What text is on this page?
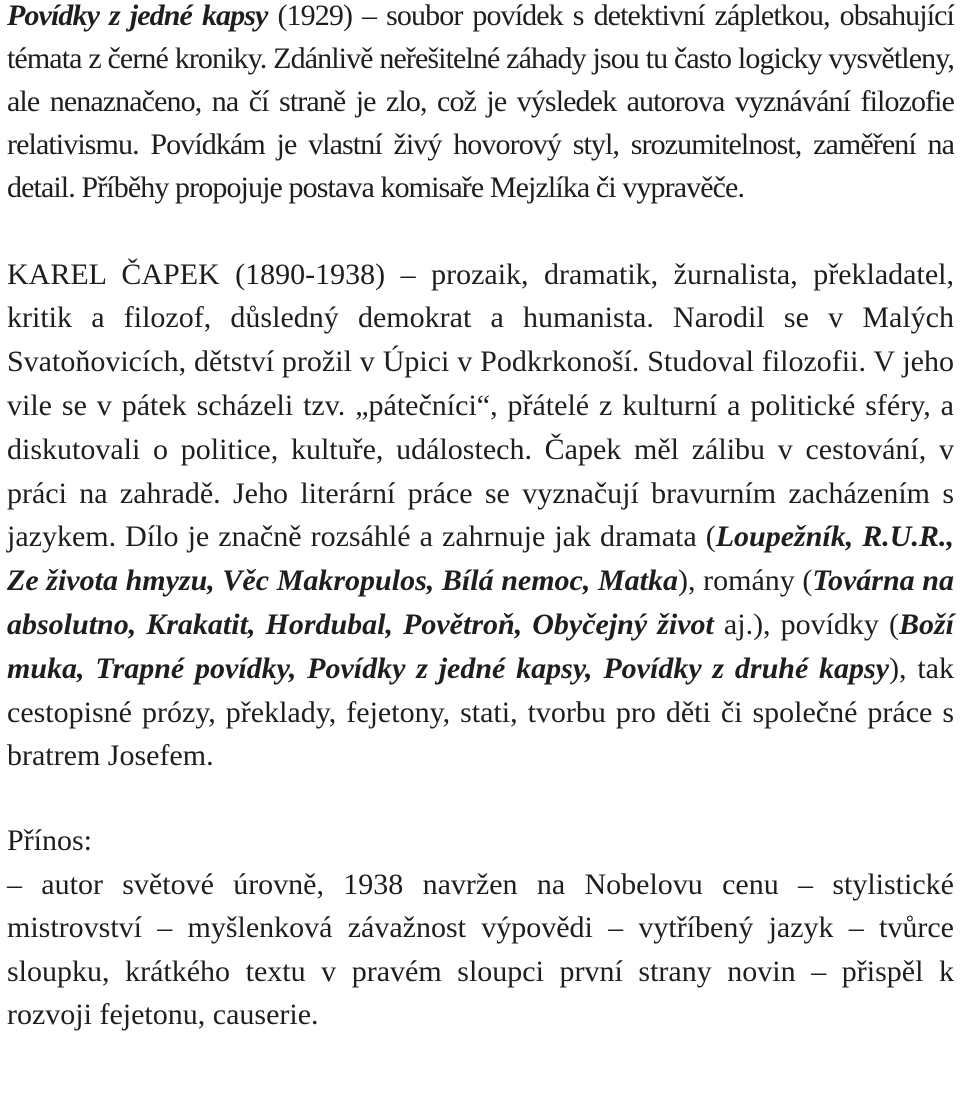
Povídky z jedné kapsy (1929) – soubor povídek s detektivní zápletkou, obsahující témata z černé kroniky. Zdánlivě neřešitelné záhady jsou tu často logicky vysvětleny, ale nenaznačeno, na čí straně je zlo, což je výsledek autorova vyznávání filozofie relativismu. Povídkám je vlastní živý hovorový styl, srozumitelnost, zaměření na detail. Příběhy propojuje postava komisaře Mejzlíka či vypravěče.

KAREL ČAPEK (1890-1938) – prozaik, dramatik, žurnalista, překladatel, kritik a filozof, důsledný demokrat a humanista. Narodil se v Malých Svatoňovicích, dětství prožil v Úpici v Podkrkonoší. Studoval filozofii. V jeho vile se v pátek scházeli tzv. „pátečníci“, přátelé z kulturní a politické sféry, a diskutovali o politice, kultuře, událostech. Čapek měl zálibu v cestování, v práci na zahradě. Jeho literární práce se vyznačují bravurním zacházením s jazykem. Dílo je značně rozsáhlé a zahrnuje jak dramata (Loupežník, R.U.R., Ze života hmyzu, Věc Makropulos, Bílá nemoc, Matka), romány (Továrna na absolutno, Krakatit, Hordubal, Povětroň, Obyčejný život aj.), povídky (Boží muka, Trapné povídky, Povídky z jedné kapsy, Povídky z druhé kapsy), tak cestopisné prózy, překlady, fejetony, stati, tvorbu pro děti či společné práce s bratrem Josefem.

Přínos:
– autor světové úrovně, 1938 navržen na Nobelovu cenu – stylistické mistrovství – myšlenková závažnost výpovědi – vytříbený jazyk – tvůrce sloupku, krátkého textu v pravém sloupci první strany novin – přispěl k rozvoji fejetonu, causerie.
